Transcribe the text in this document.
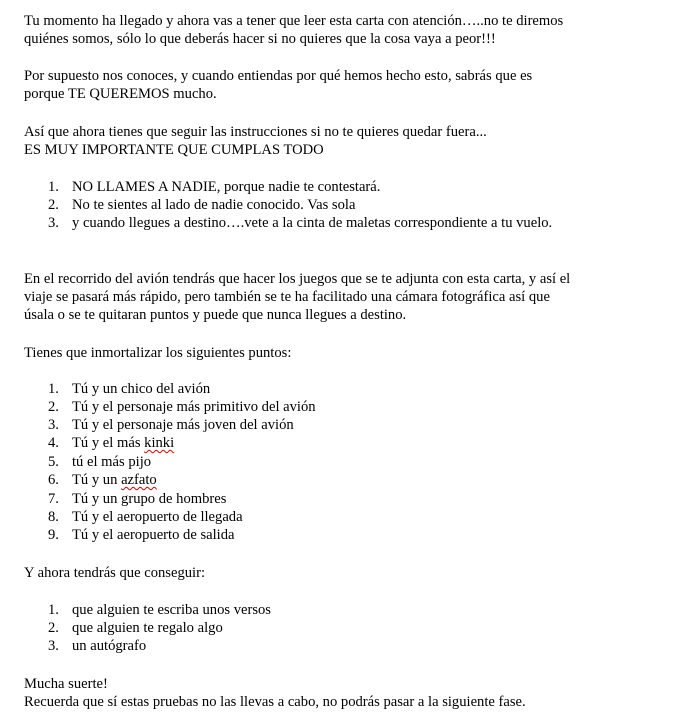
Tu momento ha llegado y ahora vas a tener que leer esta carta con atención…..no te diremos
quiénes somos, sólo lo que deberás hacer si no quieres que la cosa vaya a peor!!!
Por supuesto nos conoces, y cuando entiendas por qué hemos hecho esto, sabrás que es
porque TE QUEREMOS mucho.
Así que ahora tienes que seguir las instrucciones si no te quieres quedar fuera...
ES MUY IMPORTANTE QUE CUMPLAS TODO
1. NO LLAMES A NADIE, porque nadie te contestará.
2. No te sientes al lado de nadie conocido. Vas sola
3. y cuando llegues a destino….vete a la cinta de maletas correspondiente a tu vuelo.
En el recorrido del avión tendrás que hacer los juegos que se te adjunta con esta carta, y así el
viaje se pasará más rápido, pero también se te ha facilitado una cámara fotográfica así que
úsala o se te quitaran puntos y puede que nunca llegues a destino.
Tienes que inmortalizar los siguientes puntos:
1. Tú y un chico del avión
2. Tú y el personaje más primitivo del avión
3. Tú y el personaje más joven del avión
4. Tú y el más kinki
5. tú el más pijo
6. Tú y un azfato
7. Tú y un grupo de hombres
8. Tú y el aeropuerto de llegada
9. Tú y el aeropuerto de salida
Y ahora tendrás que conseguir:
1. que alguien te escriba unos versos
2. que alguien te regalo algo
3. un autógrafo
Mucha suerte!
Recuerda que sí estas pruebas no las llevas a cabo, no podrás pasar a la siguiente fase.
